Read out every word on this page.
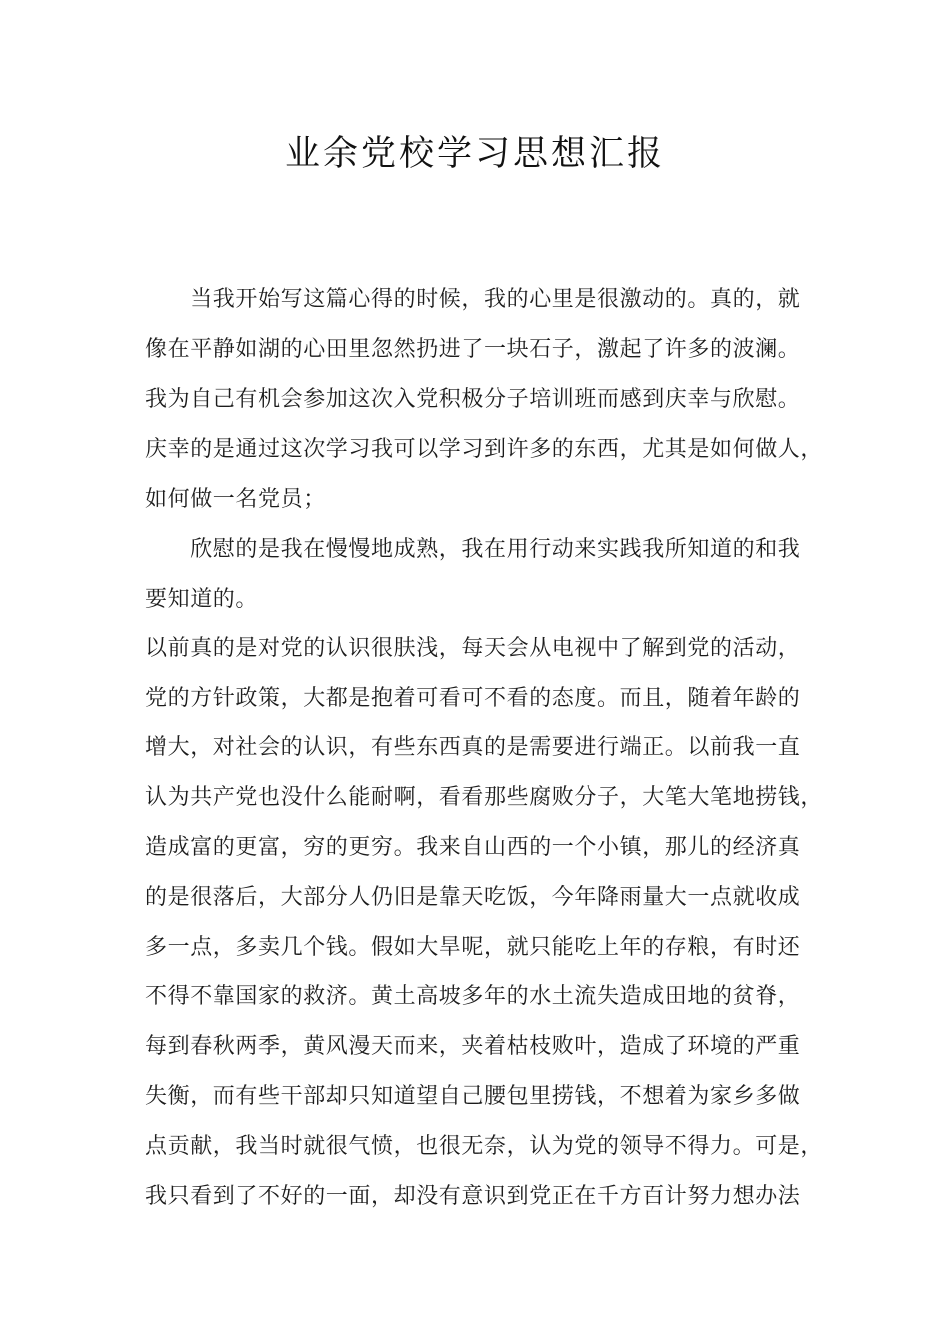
业余党校学习思想汇报
　　当我开始写这篇心得的时候，我的心里是很激动的。真的，就
像在平静如湖的心田里忽然扔进了一块石子，激起了许多的波澜。
我为自己有机会参加这次入党积极分子培训班而感到庆幸与欣慰。
庆幸的是通过这次学习我可以学习到许多的东西，尤其是如何做人，
如何做一名党员；
　　欣慰的是我在慢慢地成熟，我在用行动来实践我所知道的和我
要知道的。
以前真的是对党的认识很肤浅，每天会从电视中了解到党的活动，
党的方针政策，大都是抱着可看可不看的态度。而且，随着年龄的
增大，对社会的认识，有些东西真的是需要进行端正。以前我一直
认为共产党也没什么能耐啊，看看那些腐败分子，大笔大笔地捞钱，
造成富的更富，穷的更穷。我来自山西的一个小镇，那儿的经济真
的是很落后，大部分人仍旧是靠天吃饭，今年降雨量大一点就收成
多一点，多卖几个钱。假如大旱呢，就只能吃上年的存粮，有时还
不得不靠国家的救济。黄土高坡多年的水土流失造成田地的贫脊，
每到春秋两季，黄风漫天而来，夹着枯枝败叶，造成了环境的严重
失衡，而有些干部却只知道望自己腰包里捞钱，不想着为家乡多做
点贡献，我当时就很气愤，也很无奈，认为党的领导不得力。可是，
我只看到了不好的一面，却没有意识到党正在千方百计努力想办法
